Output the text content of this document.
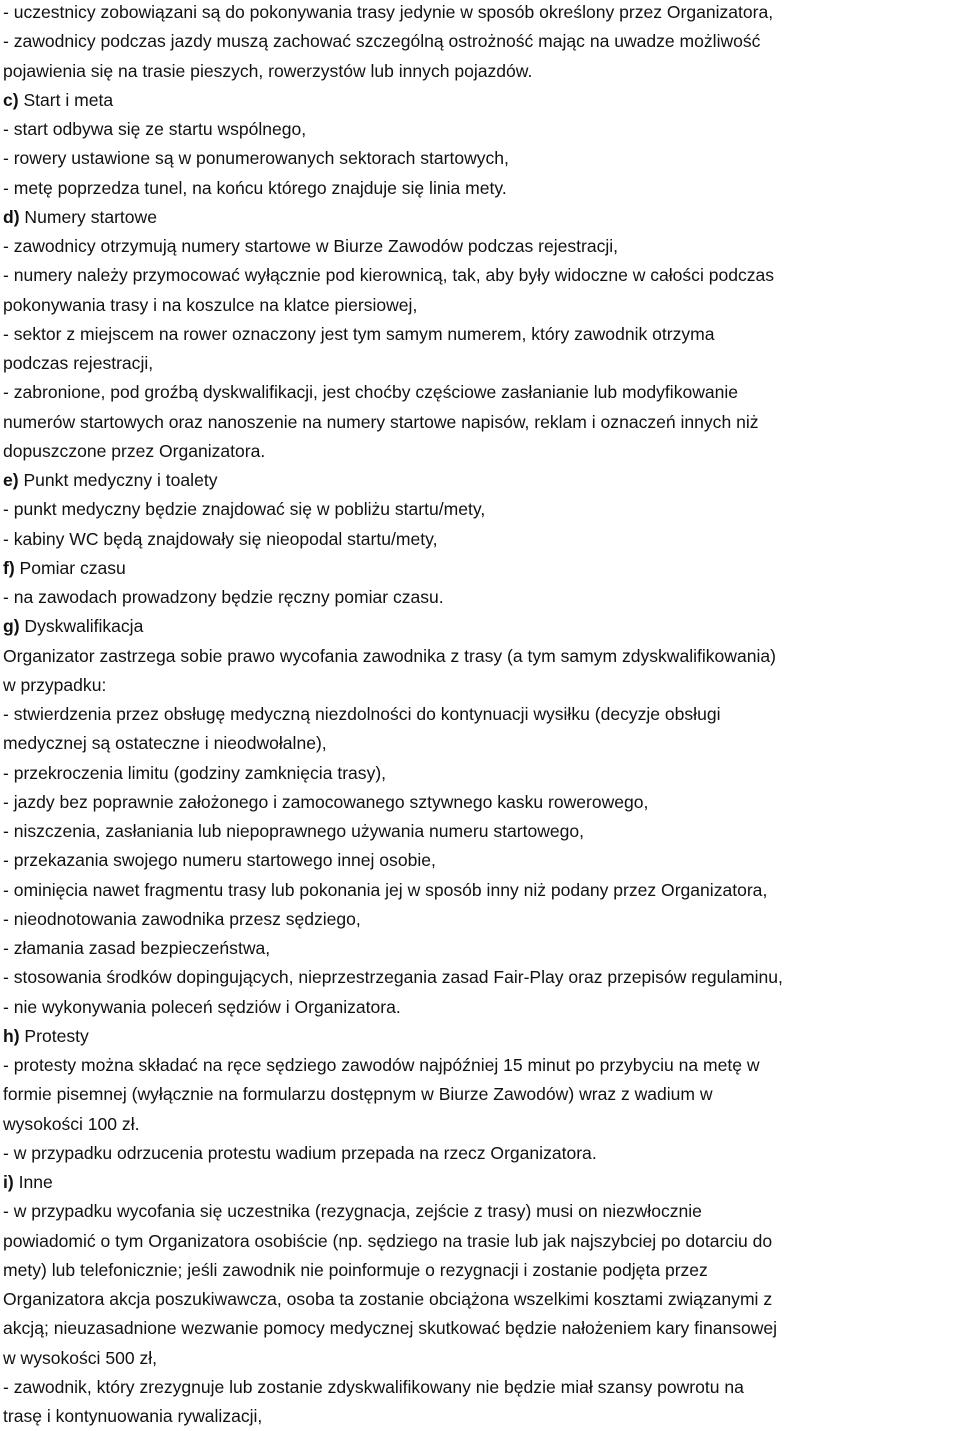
- uczestnicy zobowiązani są do pokonywania trasy jedynie w sposób określony przez Organizatora,
- zawodnicy podczas jazdy muszą zachować szczególną ostrożność mając na uwadze możliwość
pojawienia się na trasie pieszych, rowerzystów lub innych pojazdów.
c) Start i meta
- start odbywa się ze startu wspólnego,
- rowery ustawione są w ponumerowanych sektorach startowych,
- metę poprzedza tunel, na końcu którego znajduje się linia mety.
d) Numery startowe
- zawodnicy otrzymują numery startowe w Biurze Zawodów podczas rejestracji,
- numery należy przymocować wyłącznie pod kierownicą, tak, aby były widoczne w całości podczas
pokonywania trasy i na koszulce na klatce piersiowej,
- sektor z miejscem na rower oznaczony jest tym samym numerem, który zawodnik otrzyma
podczas rejestracji,
- zabronione, pod groźbą dyskwalifikacji, jest choćby częściowe zasłanianie lub modyfikowanie
numerów startowych oraz nanoszenie na numery startowe napisów, reklam i oznaczeń innych niż
dopuszczone przez Organizatora.
e) Punkt medyczny i toalety
- punkt medyczny będzie znajdować się w pobliżu startu/mety,
- kabiny WC będą znajdowały się nieopodal startu/mety,
f) Pomiar czasu
- na zawodach prowadzony będzie ręczny pomiar czasu.
g) Dyskwalifikacja
Organizator zastrzega sobie prawo wycofania zawodnika z trasy (a tym samym zdyskwalifikowania)
w przypadku:
- stwierdzenia przez obsługę medyczną niezdolności do kontynuacji wysiłku (decyzje obsługi
medycznej są ostateczne i nieodwołalne),
- przekroczenia limitu (godziny zamknięcia trasy),
- jazdy bez poprawnie założonego i zamocowanego sztywnego kasku rowerowego,
- niszczenia, zasłaniania lub niepoprawnego używania numeru startowego,
- przekazania swojego numeru startowego innej osobie,
- ominięcia nawet fragmentu trasy lub pokonania jej w sposób inny niż podany przez Organizatora,
- nieodnotowania zawodnika przesz sędziego,
- złamania zasad bezpieczeństwa,
- stosowania środków dopingujących, nieprzestrzegania zasad Fair-Play oraz przepisów regulaminu,
- nie wykonywania poleceń sędziów i Organizatora.
h) Protesty
- protesty można składać na ręce sędziego zawodów najpóźniej 15 minut po przybyciu na metę w
formie pisemnej (wyłącznie na formularzu dostępnym w Biurze Zawodów) wraz z wadium w
wysokości 100 zł.
- w przypadku odrzucenia protestu wadium przepada na rzecz Organizatora.
i) Inne
- w przypadku wycofania się uczestnika (rezygnacja, zejście z trasy) musi on niezwłocznie
powiadomić o tym Organizatora osobiście (np. sędziego na trasie lub jak najszybciej po dotarciu do
mety) lub telefonicznie; jeśli zawodnik nie poinformuje o rezygnacji i zostanie podjęta przez
Organizatora akcja poszukiwawcza, osoba ta zostanie obciążona wszelkimi kosztami związanymi z
akcją; nieuzasadnione wezwanie pomocy medycznej skutkować będzie nałożeniem kary finansowej
w wysokości 500 zł,
- zawodnik, który zrezygnuje lub zostanie zdyskwalifikowany nie będzie miał szansy powrotu na
trasę i kontynuowania rywalizacji,
